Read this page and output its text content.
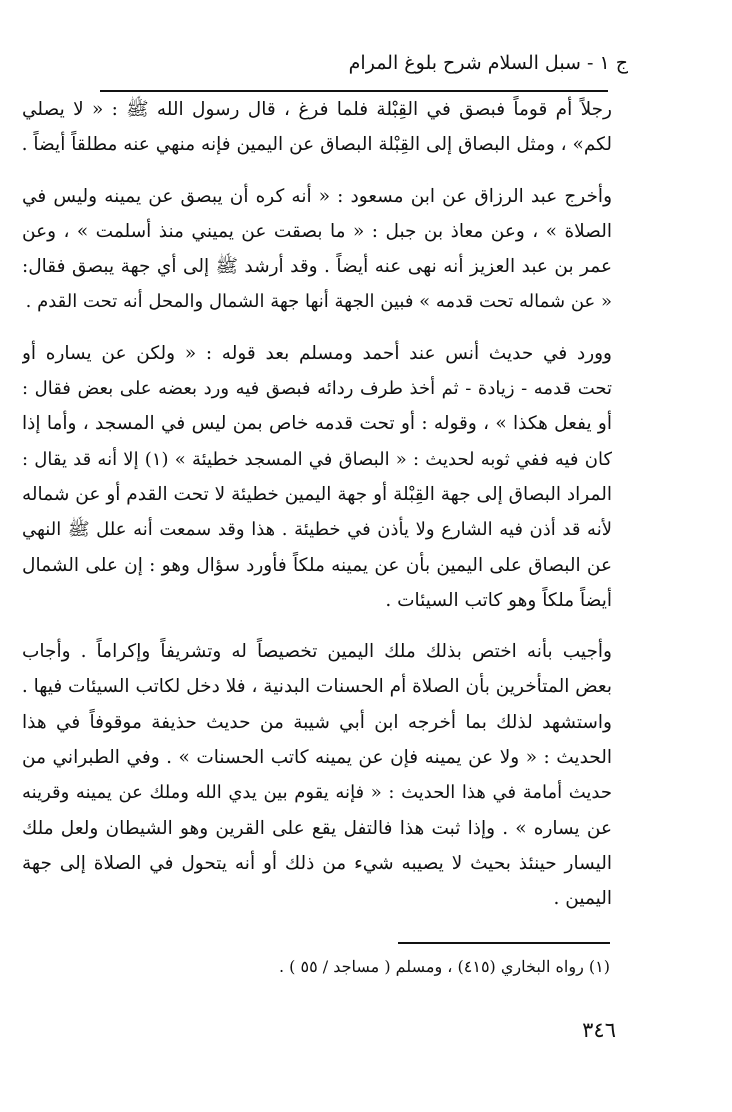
ج ١ - سبل السلام شرح بلوغ المرام
رجلاً أم قوماً فبصق في القِبْلة فلما فرغ ، قال رسول الله ﷺ : « لا يصلي
لكم» ، ومثل البصاق إلى القِبْلة البصاق عن اليمين فإنه منهي عنه مطلقاً أيضاً .
وأخرج عبد الرزاق عن ابن مسعود : « أنه كره أن يبصق عن يمينه وليس في
الصلاة » ، وعن معاذ بن جبل : « ما بصقت عن يميني منذ أسلمت » ، وعن
عمر بن عبد العزيز أنه نهى عنه أيضاً . وقد أرشد ﷺ إلى أي جهة يبصق فقال:
« عن شماله تحت قدمه » فبين الجهة أنها جهة الشمال والمحل أنه تحت القدم .
وورد في حديث أنس عند أحمد ومسلم بعد قوله : « ولكن عن يساره أو
تحت قدمه - زيادة - ثم أخذ طرف ردائه فبصق فيه ورد بعضه على بعض فقال :
أو يفعل هكذا » ، وقوله : أو تحت قدمه خاص بمن ليس في المسجد ، وأما إذا
كان فيه ففي ثوبه لحديث : « البصاق في المسجد خطيئة » (١) إلا أنه قد يقال :
المراد البصاق إلى جهة القِبْلة أو جهة اليمين خطيئة لا تحت القدم أو عن شماله
لأنه قد أذن فيه الشارع ولا يأذن في خطيئة . هذا وقد سمعت أنه علل ﷺ النهي
عن البصاق على اليمين بأن عن يمينه ملكاً فأورد سؤال وهو : إن على الشمال
أيضاً ملكاً وهو كاتب السيئات .
وأجيب بأنه اختص بذلك ملك اليمين تخصيصاً له وتشريفاً وإكراماً . وأجاب
بعض المتأخرين بأن الصلاة أم الحسنات البدنية ، فلا دخل لكاتب السيئات فيها .
واستشهد لذلك بما أخرجه ابن أبي شيبة من حديث حذيفة موقوفاً في هذا
الحديث : « ولا عن يمينه فإن عن يمينه كاتب الحسنات » . وفي الطبراني من
حديث أمامة في هذا الحديث : « فإنه يقوم بين يدي الله وملك عن يمينه وقرينه
عن يساره » . وإذا ثبت هذا فالتفل يقع على القرين وهو الشيطان ولعل ملك
اليسار حينئذ بحيث لا يصيبه شيء من ذلك أو أنه يتحول في الصلاة إلى جهة
اليمين .
(١) رواه البخاري (٤١٥) ، ومسلم ( مساجد / ٥٥ ) .
٣٤٦
